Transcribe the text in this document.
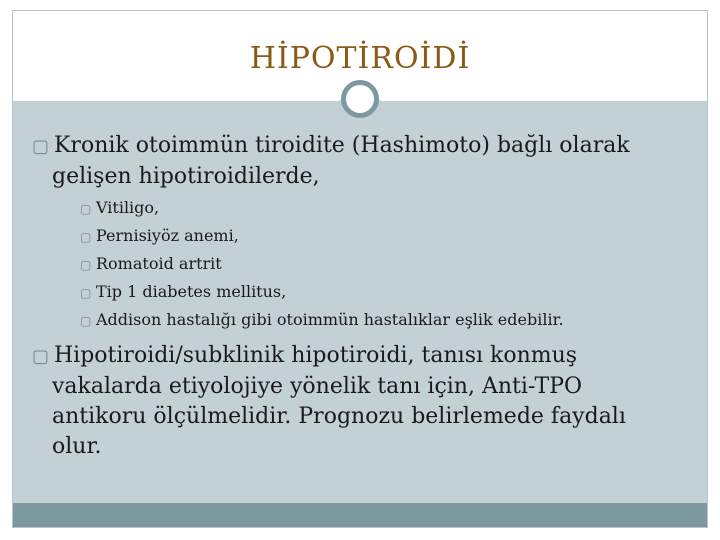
HİPOTİROİDİ
▢ Kronik otoimmün tiroidite (Hashimoto) bağlı olarak
gelişen hipotiroidilerde,
▢ Vitiligo,
▢ Pernisiyöz anemi,
▢ Romatoid artrit
▢ Tip 1 diabetes mellitus,
▢ Addison hastalığı gibi otoimmün hastalıklar eşlik edebilir.
▢ Hipotiroidi/subklinik hipotiroidi, tanısı konmuş
vakalarda etiyolojiye yönelik tanı için, Anti-TPO
antikoru ölçülmelidir. Prognozu belirlemede faydalı
olur.
